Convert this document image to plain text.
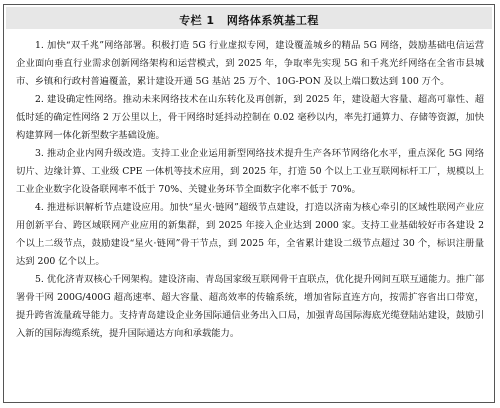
专栏 1 网络体系筑基工程

1. 加快“双千兆”网络部署。积极打造 5G 行业虚拟专网，建设覆盖城乡的精品 5G 网络，鼓励基础电信运营企业面向垂直行业需求创新网络架构和运营模式，到 2025 年，争取率先实现 5G 和千兆光纤网络在全省市县城市、乡镇和行政村普遍覆盖，累计建设开通 5G 基站 25 万个、10G-PON 及以上端口数达到 100 万个。

2. 建设确定性网络。推动未来网络技术在山东转化及再创新，到 2025 年，建设超大容量、超高可靠性、超低时延的确定性网络 2 万公里以上，骨干网络时延抖动控制在 0.02 毫秒以内，率先打通算力、存储等资源，加快构建算网一体化新型数字基础设施。

3. 推动企业内网升级改造。支持工业企业运用新型网络技术提升生产各环节网络化水平，重点深化 5G 网络切片、边缘计算、工业级 CPE 一体机等技术应用，到 2025 年，打造 50 个以上工业互联网标杆工厂，规模以上工业企业数字化设备联网率不低于 70%、关键业务环节全面数字化率不低于 70%。

4. 推进标识解析节点建设应用。加快“星火·链网”超级节点建设，打造以济南为核心牵引的区域性联网产业应用创新平台、跨区域联网产业应用的新集群，到 2025 年接入企业达到 2000 家。支持工业基础较好市各建设 2 个以上二级节点，鼓励建设“星火·链网”骨干节点，到 2025 年，全省累计建设二级节点超过 30 个，标识注册量达到 200 亿个以上。

5. 优化济青双核心千网架构。建设济南、青岛国家级互联网骨干直联点，优化提升网间互联互通能力。推广部署骨干网 200G/400G 超高速率、超大容量、超高效率的传输系统，增加省际直连方向，按需扩容省出口带宽，提升跨省流量疏导能力。支持青岛建设企业务国际通信业务出入口局，加强青岛国际海底光缆登陆站建设，鼓励引入新的国际海缆系统，提升国际通达方向和承载能力。
